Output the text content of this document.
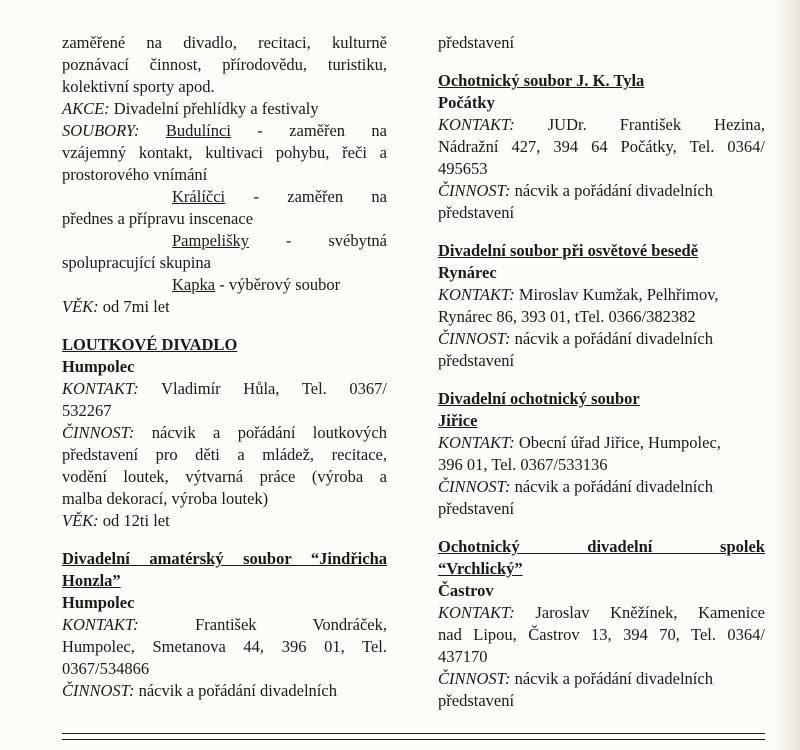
zaměřené na divadlo, recitaci, kulturně
poznávací činnost, přírodovědu, turistiku,
kolektivní sporty apod.
AKCE: Divadelní přehlídky a festivaly
SOUBORY: Budulínci - zaměřen na
vzájemný kontakt, kultivaci pohybu, řeči a
prostorového vnímání
Králíčci - zaměřen na
přednes a přípravu inscenace
Pampelišky - svébytná
spolupracující skupina
Kapka - výběrový soubor
VĚK: od 7mi let
LOUTKOVÉ DIVADLO
Humpolec
KONTAKT: Vladimír Hůla, Tel. 0367/
532267
ČINNOST: nácvik a pořádání loutkových
představení pro děti a mládež, recitace,
vodění loutek, výtvarná práce (výroba a
malba dekorací, výroba loutek)
VĚK: od 12ti let
Divadelní amatérský soubor “Jindřicha
Honzla”
Humpolec
KONTAKT: František Vondráček,
Humpolec, Smetanova 44, 396 01, Tel.
0367/534866
ČINNOST: nácvik a pořádání divadelních
představení
Ochotnický soubor J. K. Tyla
Počátky
KONTAKT: JUDr. František Hezina,
Nádražní 427, 394 64 Počátky, Tel. 0364/
495653
ČINNOST: nácvik a pořádání divadelních
představení
Divadelní soubor při osvětové besedě
Rynárec
KONTAKT: Miroslav Kumžak, Pelhřimov,
Rynárec 86, 393 01, tTel. 0366/382382
ČINNOST: nácvik a pořádání divadelních
představení
Divadelní ochotnický soubor
Jiřice
KONTAKT: Obecní úřad Jiřice, Humpolec,
396 01, Tel. 0367/533136
ČINNOST: nácvik a pořádání divadelních
představení
Ochotnický divadelní spolek
“Vrchlický”
Častrov
KONTAKT: Jaroslav Kněžínek, Kamenice
nad Lipou, Častrov 13, 394 70, Tel. 0364/
437170
ČINNOST: nácvik a pořádání divadelních
představení
